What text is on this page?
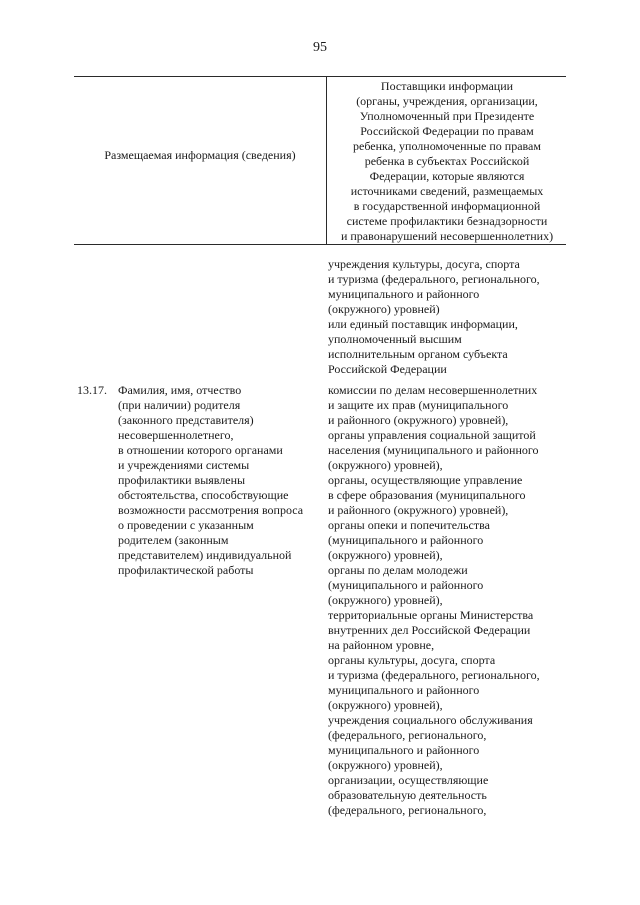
95
Размещаемая информация (сведения)
Поставщики информации
(органы, учреждения, организации,
Уполномоченный при Президенте
Российской Федерации по правам
ребенка, уполномоченные по правам
ребенка в субъектах Российской
Федерации, которые являются
источниками сведений, размещаемых
в государственной информационной
системе профилактики безнадзорности
и правонарушений несовершеннолетних)
учреждения культуры, досуга, спорта
и туризма (федерального, регионального,
муниципального и районного
(окружного) уровней)
или единый поставщик информации,
уполномоченный высшим
исполнительным органом субъекта
Российской Федерации
13.17. Фамилия, имя, отчество
(при наличии) родителя
(законного представителя)
несовершеннолетнего,
в отношении которого органами
и учреждениями системы
профилактики выявлены
обстоятельства, способствующие
возможности рассмотрения вопроса
о проведении с указанным
родителем (законным
представителем) индивидуальной
профилактической работы
комиссии по делам несовершеннолетних
и защите их прав (муниципального
и районного (окружного) уровней),
органы управления социальной защитой
населения (муниципального и районного
(окружного) уровней),
органы, осуществляющие управление
в сфере образования (муниципального
и районного (окружного) уровней),
органы опеки и попечительства
(муниципального и районного
(окружного) уровней),
органы по делам молодежи
(муниципального и районного
(окружного) уровней),
территориальные органы Министерства
внутренних дел Российской Федерации
на районном уровне,
органы культуры, досуга, спорта
и туризма (федерального, регионального,
муниципального и районного
(окружного) уровней),
учреждения социального обслуживания
(федерального, регионального,
муниципального и районного
(окружного) уровней),
организации, осуществляющие
образовательную деятельность
(федерального, регионального,
